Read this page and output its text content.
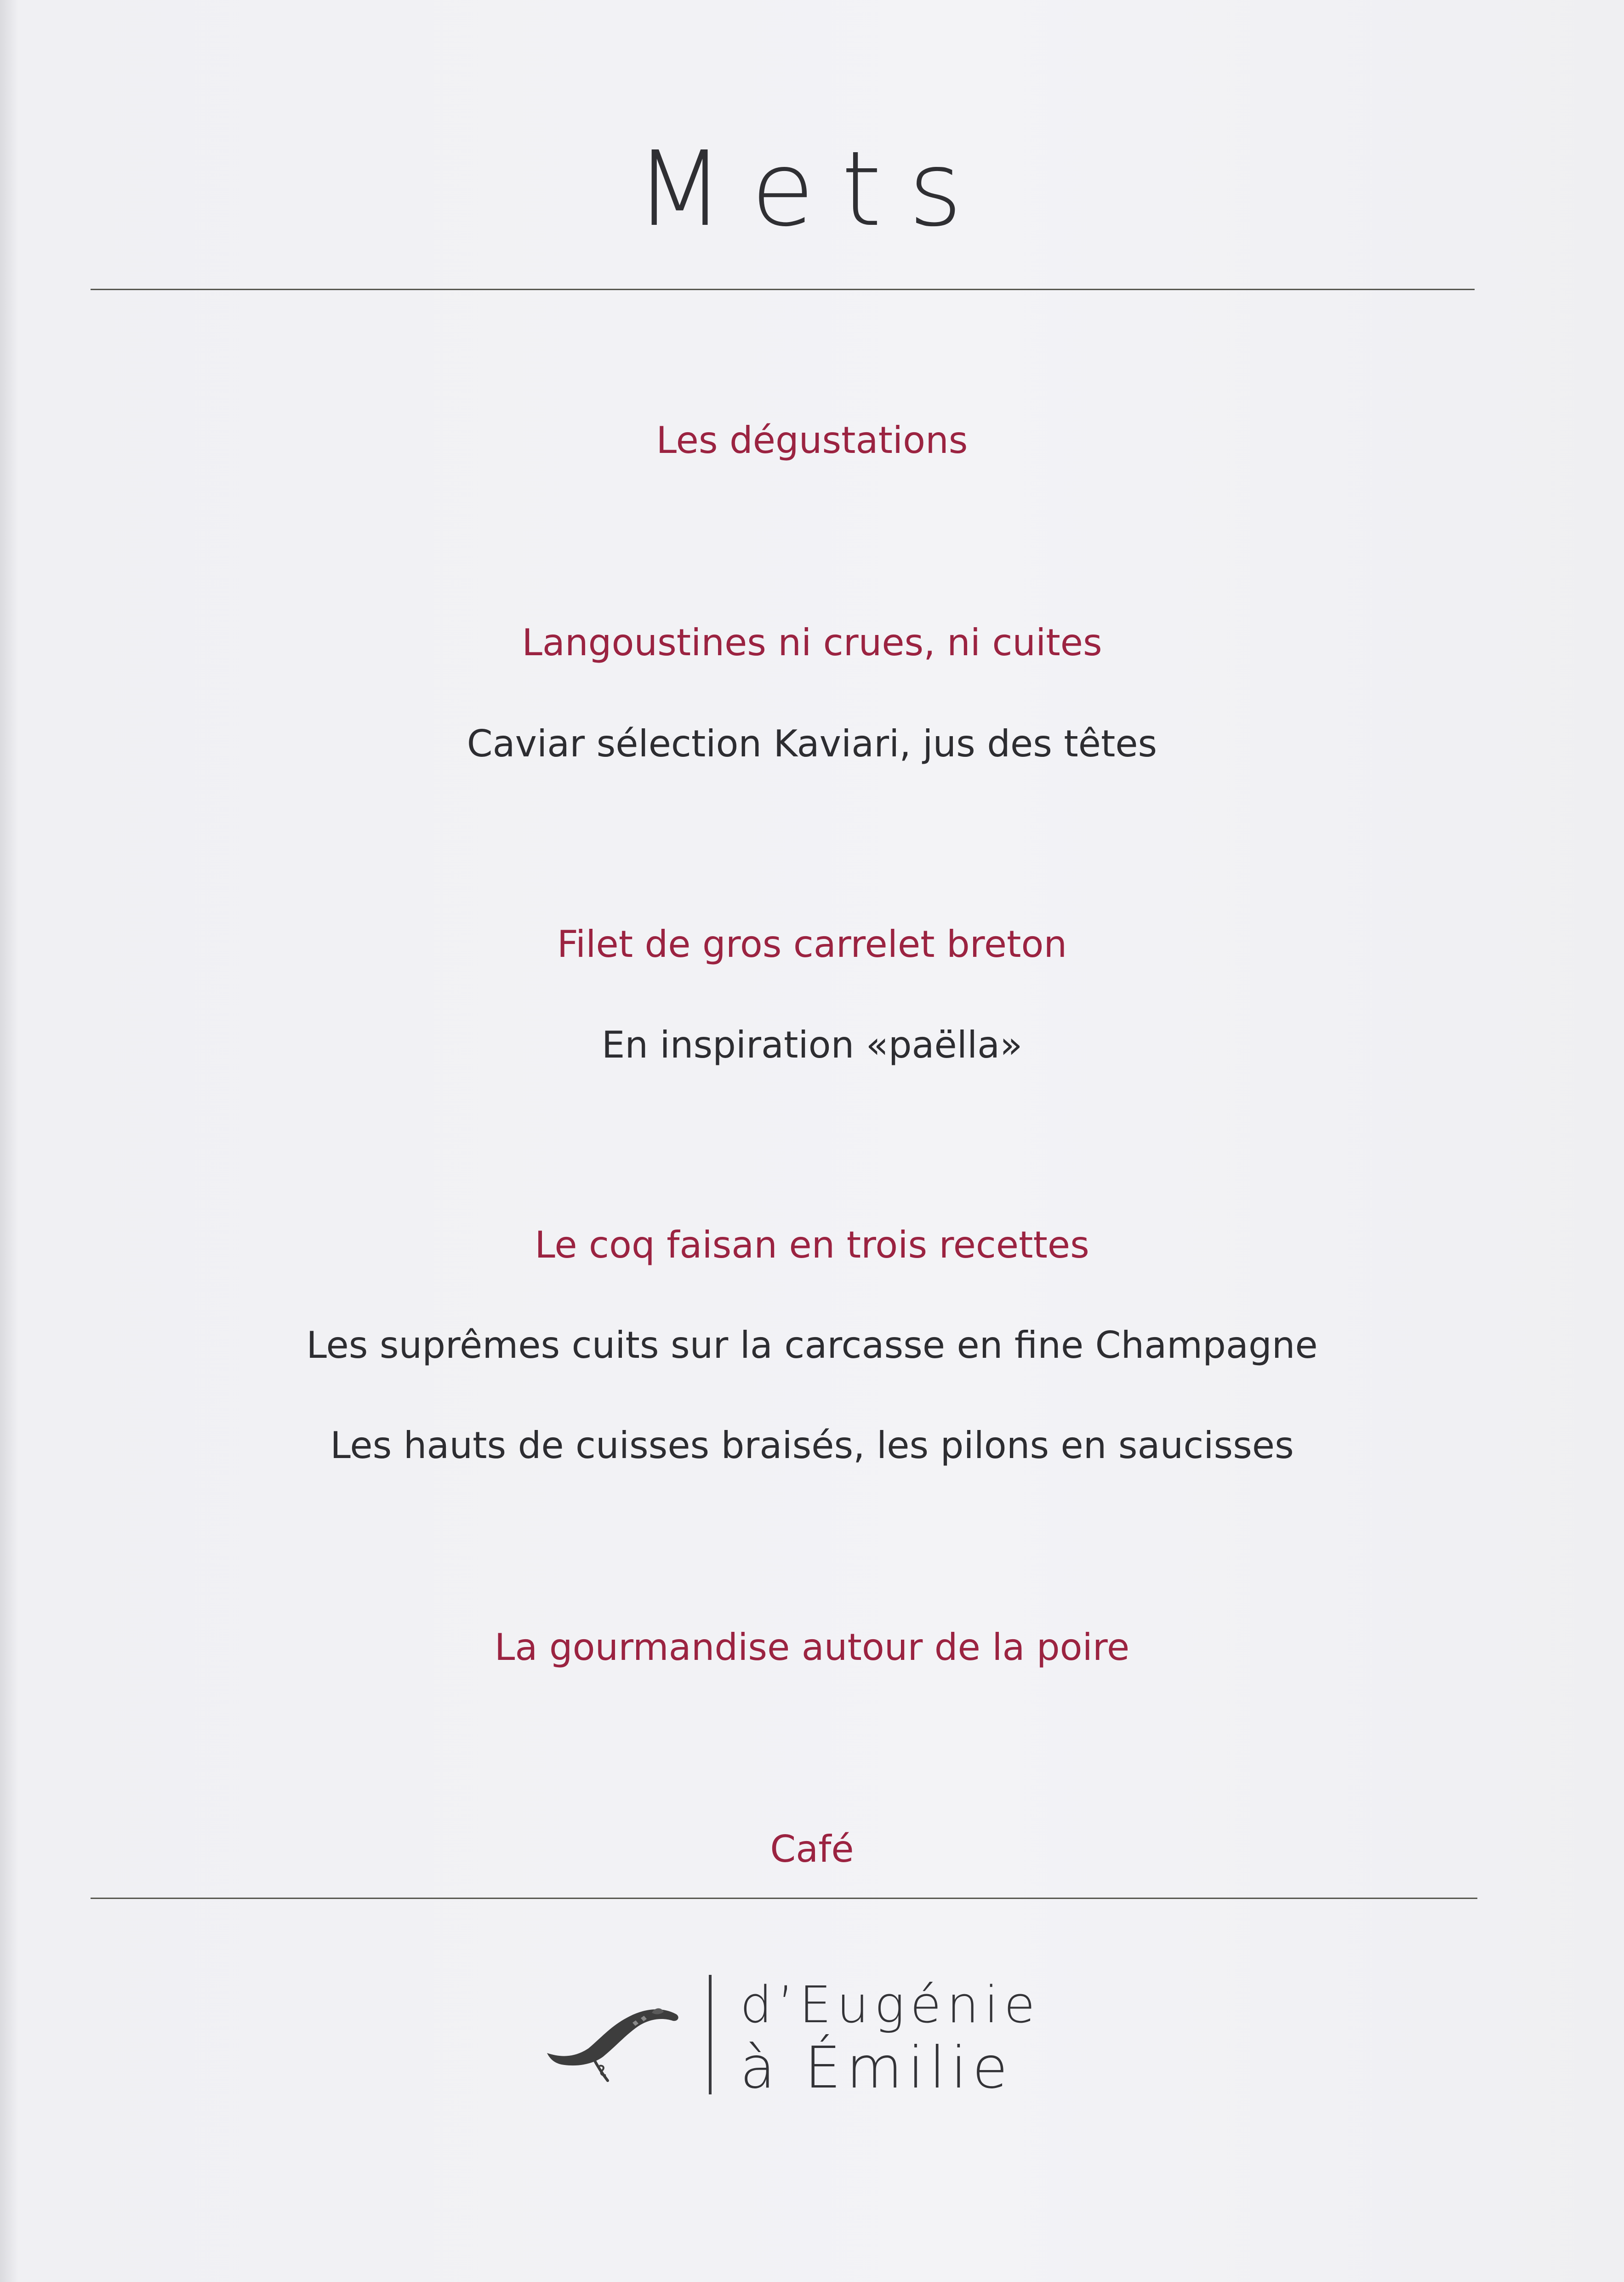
Mets
Les dégustations
Langoustines ni crues, ni cuites
Caviar sélection Kaviari, jus des têtes
Filet de gros carrelet breton
En inspiration «paëlla»
Le coq faisan en trois recettes
Les suprêmes cuits sur la carcasse en fine Champagne
Les hauts de cuisses braisés, les pilons en saucisses
La gourmandise autour de la poire
Café
d’Eugénie
à Émilie
